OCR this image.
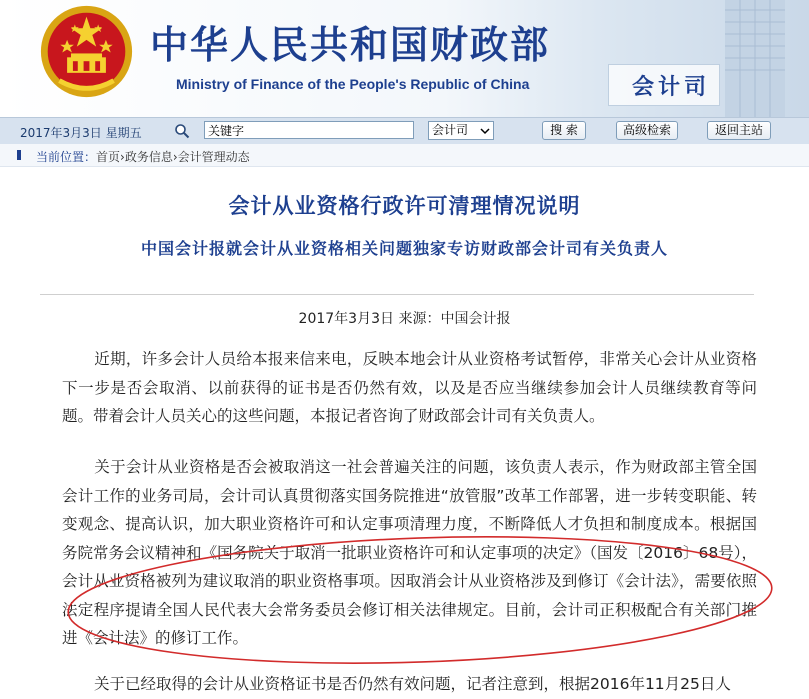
中华人民共和国财政部
Ministry of Finance of the People's Republic of China	会计司
2017年3月3日 星期五
关键字	会计司	搜 索	高级检索	返回主站
当前位置：首页›政务信息›会计管理动态
会计从业资格行政许可清理情况说明
中国会计报就会计从业资格相关问题独家专访财政部会计司有关负责人
2017年3月3日 来源：中国会计报
近期，许多会计人员给本报来信来电，反映本地会计从业资格考试暂停，非常关心会计从业资格下一步是否会取消、以前获得的证书是否仍然有效，以及是否应当继续参加会计人员继续教育等问题。带着会计人员关心的这些问题，本报记者咨询了财政部会计司有关负责人。
关于会计从业资格是否会被取消这一社会普遍关注的问题，该负责人表示，作为财政部主管全国会计工作的业务司局，会计司认真贯彻落实国务院推进“放管服”改革工作部署，进一步转变职能、转变观念、提高认识，加大职业资格许可和认定事项清理力度，不断降低人才负担和制度成本。根据国务院常务会议精神和《国务院关于取消一批职业资格许可和认定事项的决定》（国发〔2016〕68号），会计从业资格被列为建议取消的职业资格事项。因取消会计从业资格涉及到修订《会计法》，需要依照法定程序提请全国人民代表大会常务委员会修订相关法律规定。目前，会计司正积极配合有关部门推进《会计法》的修订工作。
关于已经取得的会计从业资格证书是否仍然有效问题，记者注意到，根据2016年11月25日人
